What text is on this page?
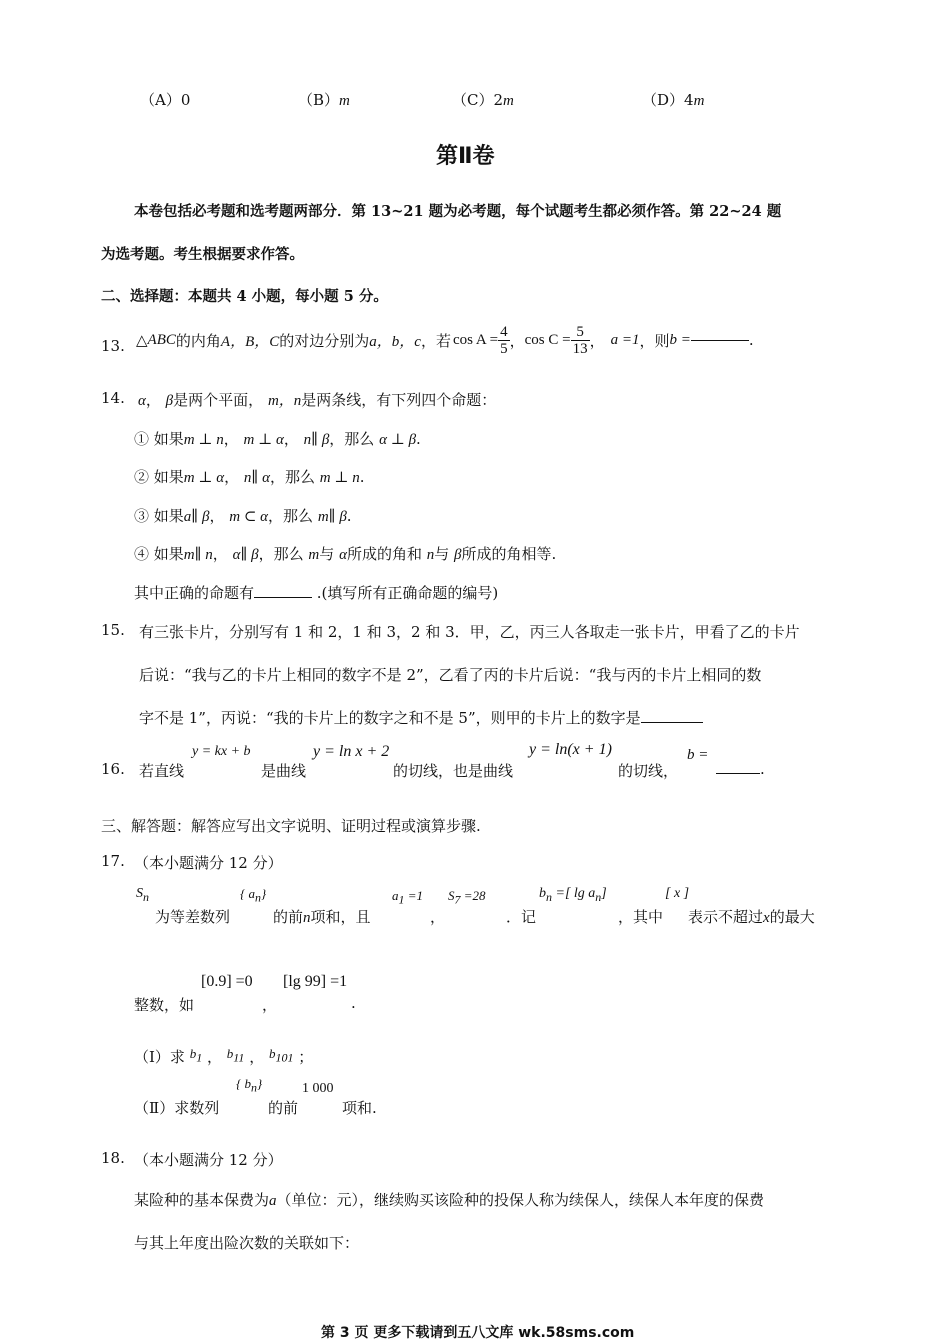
（A）0	（B）m	（C）2m	（D）4m
第Ⅱ卷
本卷包括必考题和选考题两部分．第 13~21 题为必考题，每个试题考生都必须作答。第 22~24 题
为选考题。考生根据要求作答。
二、选择题：本题共 4 小题，每小题 5 分。
13. △ ABC 的内角 A，B，C 的对边分别为 a，b，c ，若 $\cos A = \frac{4}{5}$ ， $\cos C = \frac{5}{13}$ ， a =1 ，则 b =	.
14. α， β是两个平面， m，n是两条线，有下列四个命题：
① 如果m ⊥ n， m ⊥ α， n∥ β，那么 α ⊥ β.
② 如果m ⊥ α， n∥ α，那么 m ⊥ n.
③ 如果a∥ β， m ⊂ α，那么 m∥ β.
④ 如果m∥ n， α∥ β，那么 m与 α所成的角和 n与 β所成的角相等.
其中正确的命题有	.(填写所有正确命题的编号)
15. 有三张卡片，分别写有 1 和 2，1 和 3，2 和 3．甲，乙，丙三人各取走一张卡片，甲看了乙的卡片
后说：“我与乙的卡片上相同的数字不是 2”，乙看了丙的卡片后说：“我与丙的卡片上相同的数
字不是 1”，丙说：“我的卡片上的数字之和不是 5”，则甲的卡片上的数字是
16. 若直线
y = kx + b
是曲线
y = ln x + 2
的切线，也是曲线
y = ln(x + 1)
的切线，
b =
.
三、解答题：解答应写出文字说明、证明过程或演算步骤.
17. （本小题满分 12 分）
$S_n$
为等差数列
{ $a_n$}
的前n项和，且
$a_1 =1$
，
$S_7 =28$
．记
$b_n$ =[ $\lg a_n$]
，其中
[ x ]
表示不超过x的最大
整数，如
[0.9] =0
，
[lg 99] =1
.
（Ⅰ）求 $b_1$ ， $b_{11}$ ， $b_{101}$ ；
（Ⅱ）求数列
{ $b_n$}
的前
1 000
项和.
18. （本小题满分 12 分）
某险种的基本保费为a（单位：元），继续购买该险种的投保人称为续保人，续保人本年度的保费
与其上年度出险次数的关联如下：
第 3 页 更多下载请到五八文库 wk.58sms.com
